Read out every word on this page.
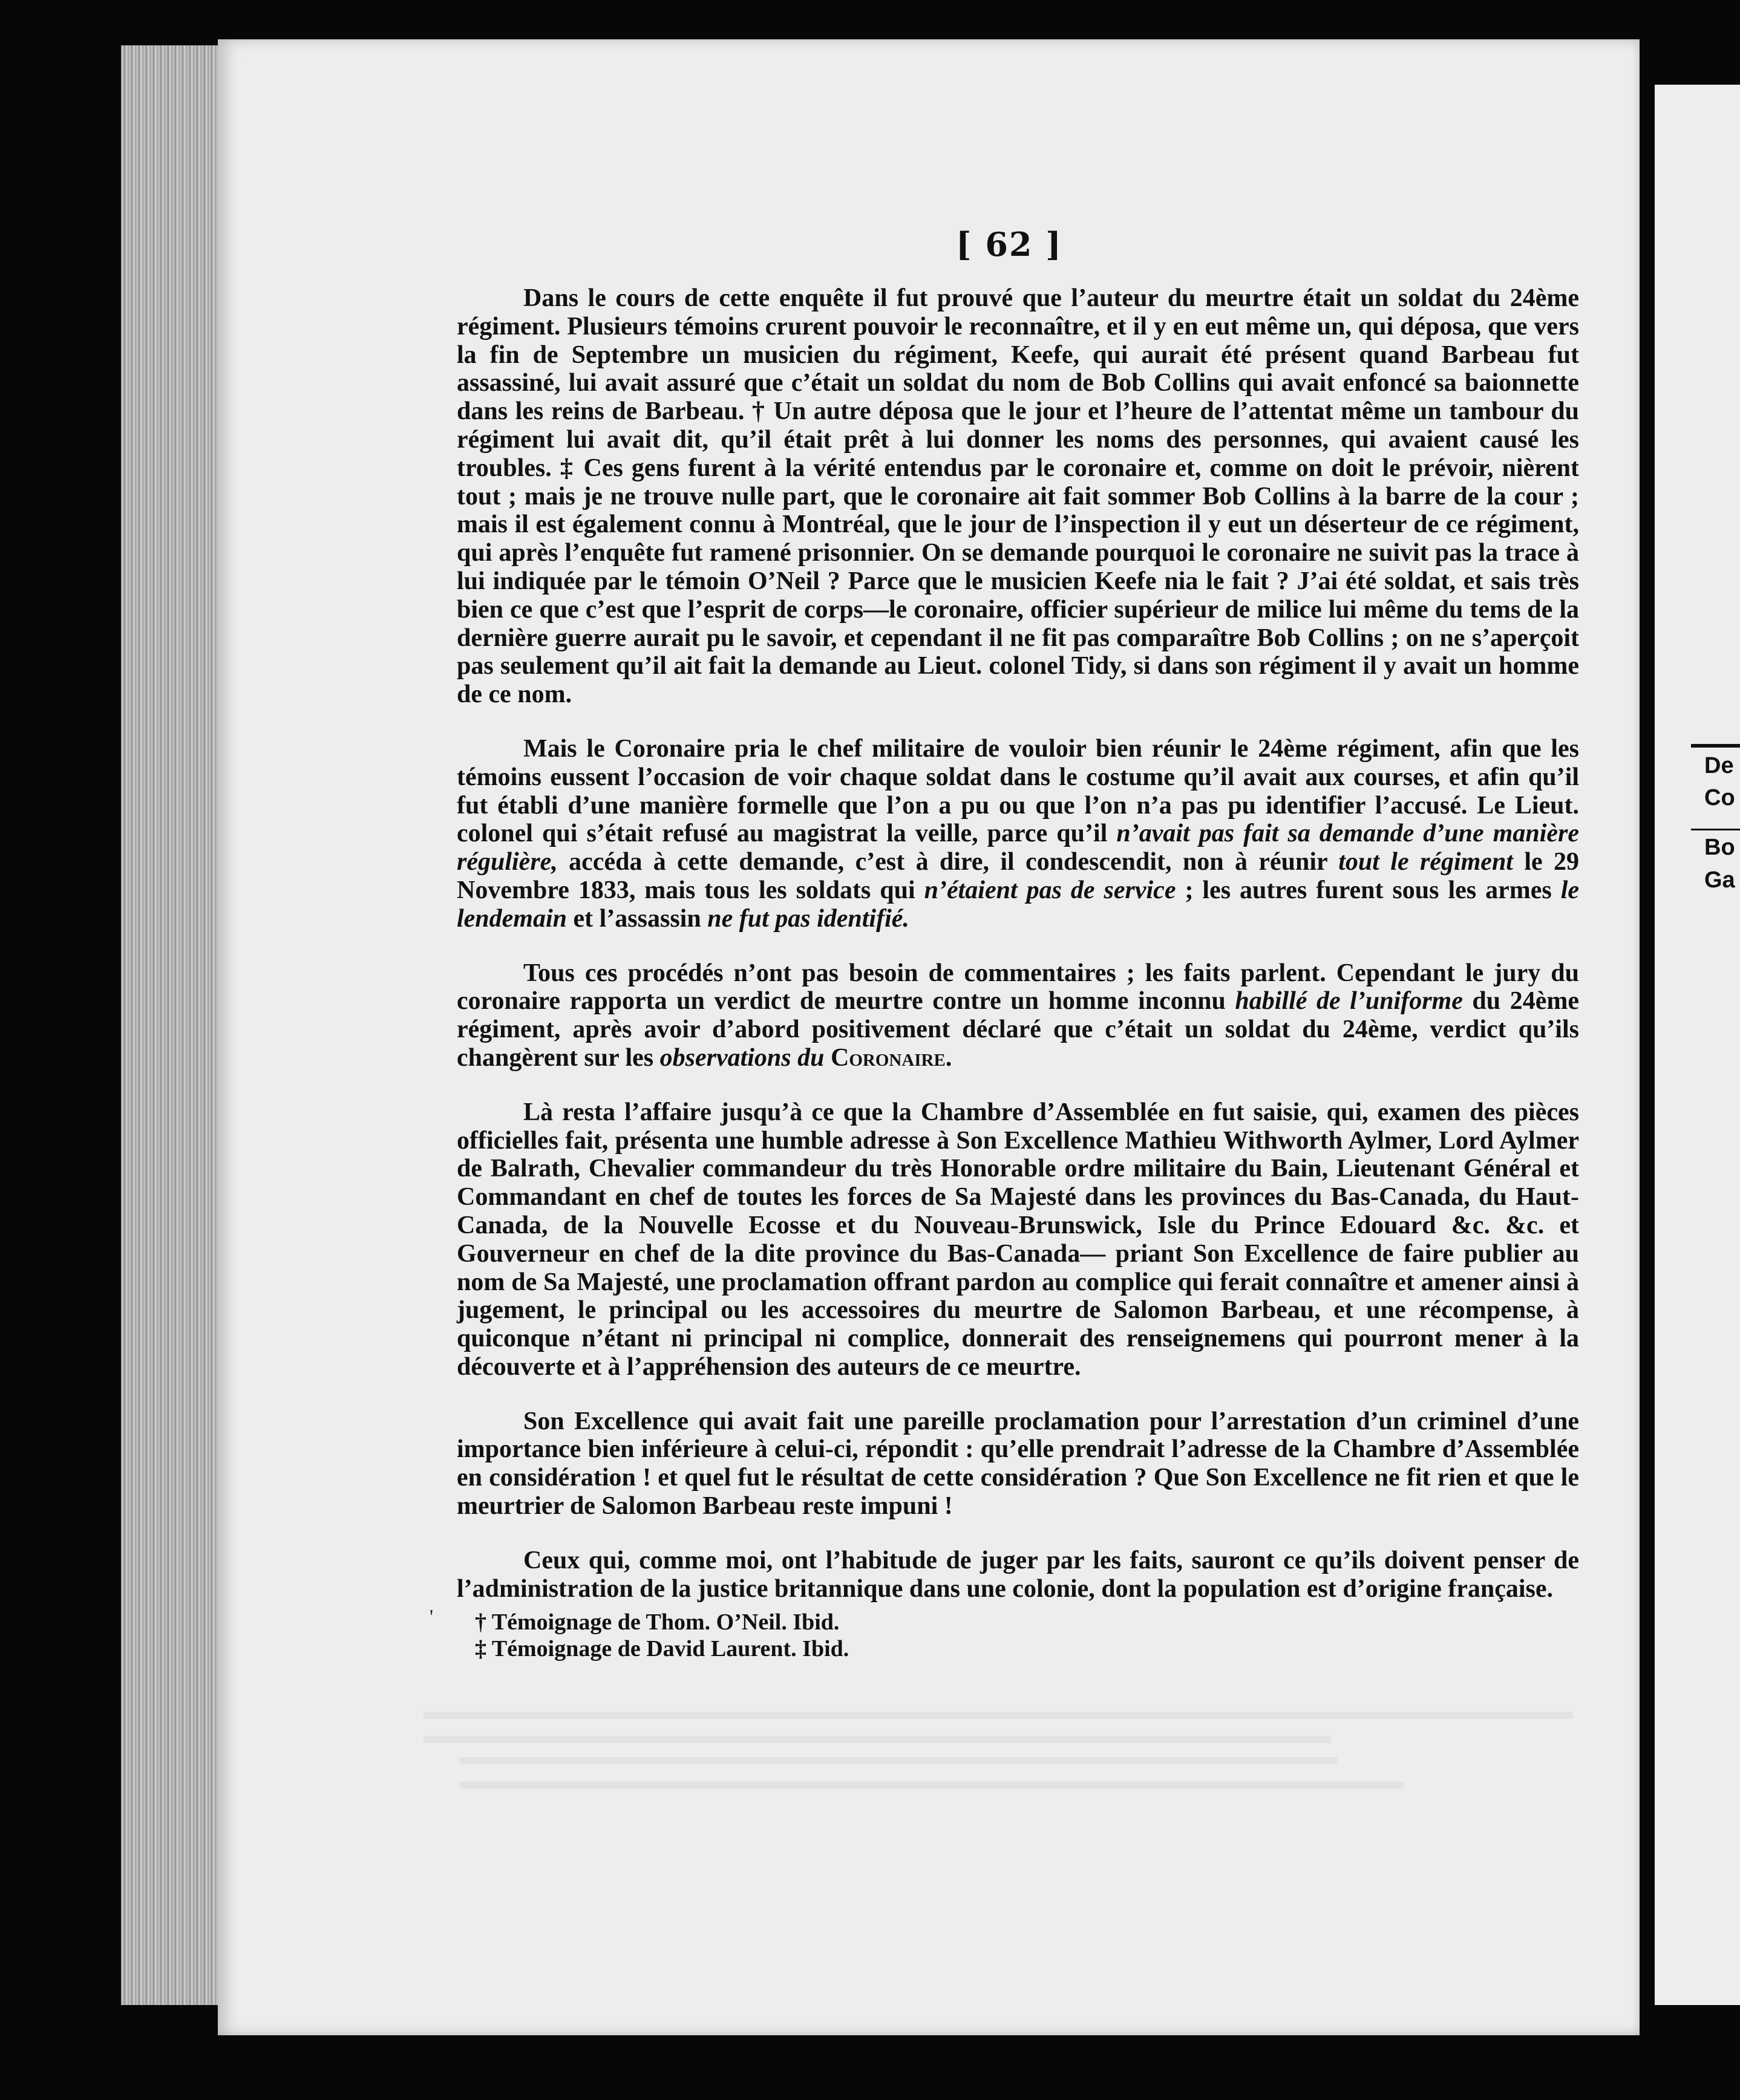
De
Co
Bo
Ga
[ 62 ]

Dans le cours de cette enquête il fut prouvé que l’auteur du meurtre était un soldat du 24ème régiment. Plusieurs témoins crurent pouvoir le reconnaître, et il y en eut même un, qui déposa, que vers la fin de Septembre un musicien du régiment, Keefe, qui aurait été présent quand Barbeau fut assassiné, lui avait assuré que c’était un soldat du nom de Bob Collins qui avait enfoncé sa baionnette dans les reins de Barbeau. † Un autre déposa que le jour et l’heure de l’attentat même un tambour du régiment lui avait dit, qu’il était prêt à lui donner les noms des personnes, qui avaient causé les troubles. ‡ Ces gens furent à la vérité entendus par le coronaire et, comme on doit le prévoir, nièrent tout ; mais je ne trouve nulle part, que le coronaire ait fait sommer Bob Collins à la barre de la cour ; mais il est également connu à Montréal, que le jour de l’inspection il y eut un déserteur de ce régiment, qui après l’enquête fut ramené prisonnier. On se demande pourquoi le coronaire ne suivit pas la trace à lui indiquée par le témoin O’Neil ? Parce que le musicien Keefe nia le fait ? J’ai été soldat, et sais très bien ce que c’est que l’esprit de corps—le coronaire, officier supérieur de milice lui même du tems de la dernière guerre aurait pu le savoir, et cependant il ne fit pas comparaître Bob Collins ; on ne s’aperçoit pas seulement qu’il ait fait la demande au Lieut. colonel Tidy, si dans son régiment il y avait un homme de ce nom.

Mais le Coronaire pria le chef militaire de vouloir bien réunir le 24ème régiment, afin que les témoins eussent l’occasion de voir chaque soldat dans le costume qu’il avait aux courses, et afin qu’il fut établi d’une manière formelle que l’on a pu ou que l’on n’a pas pu identifier l’accusé. Le Lieut. colonel qui s’était refusé au magistrat la veille, parce qu’il n’avait pas fait sa demande d’une manière régulière, accéda à cette demande, c’est à dire, il condescendit, non à réunir tout le régiment le 29 Novembre 1833, mais tous les soldats qui n’étaient pas de service ; les autres furent sous les armes le lendemain et l’assassin ne fut pas identifié.

Tous ces procédés n’ont pas besoin de commentaires ; les faits parlent. Cependant le jury du coronaire rapporta un verdict de meurtre contre un homme inconnu habillé de l’uniforme du 24ème régiment, après avoir d’abord positivement déclaré que c’était un soldat du 24ème, verdict qu’ils changèrent sur les observations du Coronaire.

Là resta l’affaire jusqu’à ce que la Chambre d’Assemblée en fut saisie, qui, examen des pièces officielles fait, présenta une humble adresse à Son Excellence Mathieu Withworth Aylmer, Lord Aylmer de Balrath, Chevalier commandeur du très Honorable ordre militaire du Bain, Lieutenant Général et Commandant en chef de toutes les forces de Sa Majesté dans les provinces du Bas-Canada, du Haut-Canada, de la Nouvelle Ecosse et du Nouveau-Brunswick, Isle du Prince Edouard &c. &c. et Gouverneur en chef de la dite province du Bas-Canada— priant Son Excellence de faire publier au nom de Sa Majesté, une proclamation offrant pardon au complice qui ferait connaître et amener ainsi à jugement, le principal ou les accessoires du meurtre de Salomon Barbeau, et une récompense, à quiconque n’étant ni principal ni complice, donnerait des renseignemens qui pourront mener à la découverte et à l’appréhension des auteurs de ce meurtre.

Son Excellence qui avait fait une pareille proclamation pour l’arrestation d’un criminel d’une importance bien inférieure à celui-ci, répondit : qu’elle prendrait l’adresse de la Chambre d’Assemblée en considération ! et quel fut le résultat de cette considération ? Que Son Excellence ne fit rien et que le meurtrier de Salomon Barbeau reste impuni !

Ceux qui, comme moi, ont l’habitude de juger par les faits, sauront ce qu’ils doivent penser de l’administration de la justice britannique dans une colonie, dont la population est d’origine française.

' † Témoignage de Thom. O’Neil. Ibid.
‡ Témoignage de David Laurent. Ibid.
